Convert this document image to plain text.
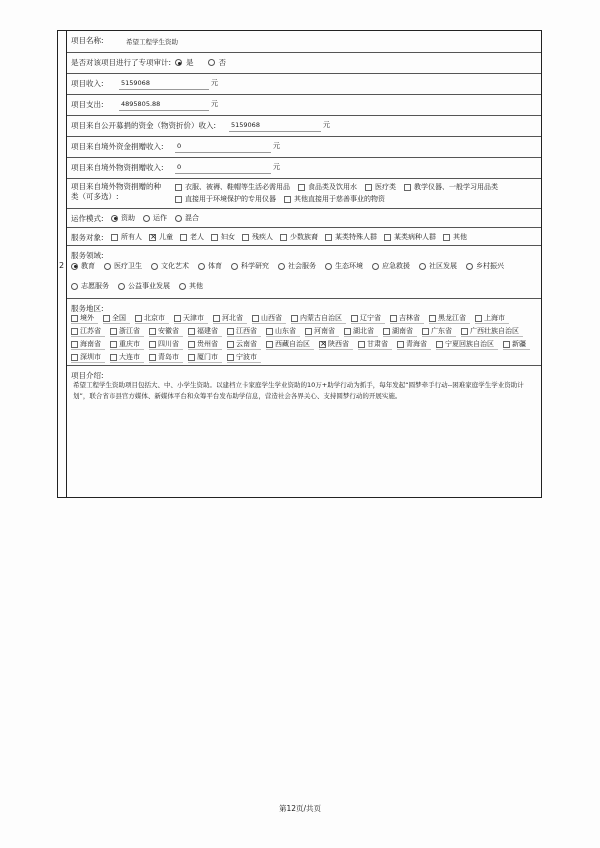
2
项目名称:	希望工程学生资助
是否对该项目进行了专项审计: 是	否
项目收入:	5159068	元
项目支出:	4895805.88	元
项目来自公开募捐的资金（物资折价）收入:	5159068	元
项目来自境外资金捐赠收入:	0	元
项目来自境外物资捐赠收入:	0	元
项目来自境外物资捐赠的种
类（可多选）:
衣服、被褥、鞋帽等生活必需用品	食品类及饮用水	医疗类	教学仪器、一般学习用品类
直接用于环境保护的专用仪器	其他直接用于慈善事业的物资
运作模式: 资助	运作	混合
服务对象: 所有人 × 儿童 老人 妇女 残疾人 少数族裔 某类特殊人群 某类病种人群 其他
服务领域:
教育	医疗卫生	文化艺术	体育	科学研究	社会服务	生态环境	应急救援	社区发展	乡村振兴
志愿服务	公益事业发展	其他
服务地区:
境外	全国	北京市	天津市	河北省	山西省	内蒙古自治区	辽宁省	吉林省	黑龙江省	上海市
江苏省	浙江省	安徽省	福建省	江西省	山东省	河南省	湖北省	湖南省	广东省	广西壮族自治区
海南省	重庆市	四川省	贵州省	云南省	西藏自治区 ×	陕西省	甘肃省	青海省	宁夏回族自治区	新疆
深圳市	大连市	青岛市	厦门市	宁波市
项目介绍:

希望工程学生资助项目包括大、中、小学生资助。以建档立卡家庭学生学业资助的10万+助学行动为抓手，每年发起“圆梦牵手行动--困难家庭学生学业资助计划”，联合省市县官方媒体、新媒体平台和众筹平台发布助学信息，营造社会各界关心、支持圆梦行动的开展实施。

第12页/共页
